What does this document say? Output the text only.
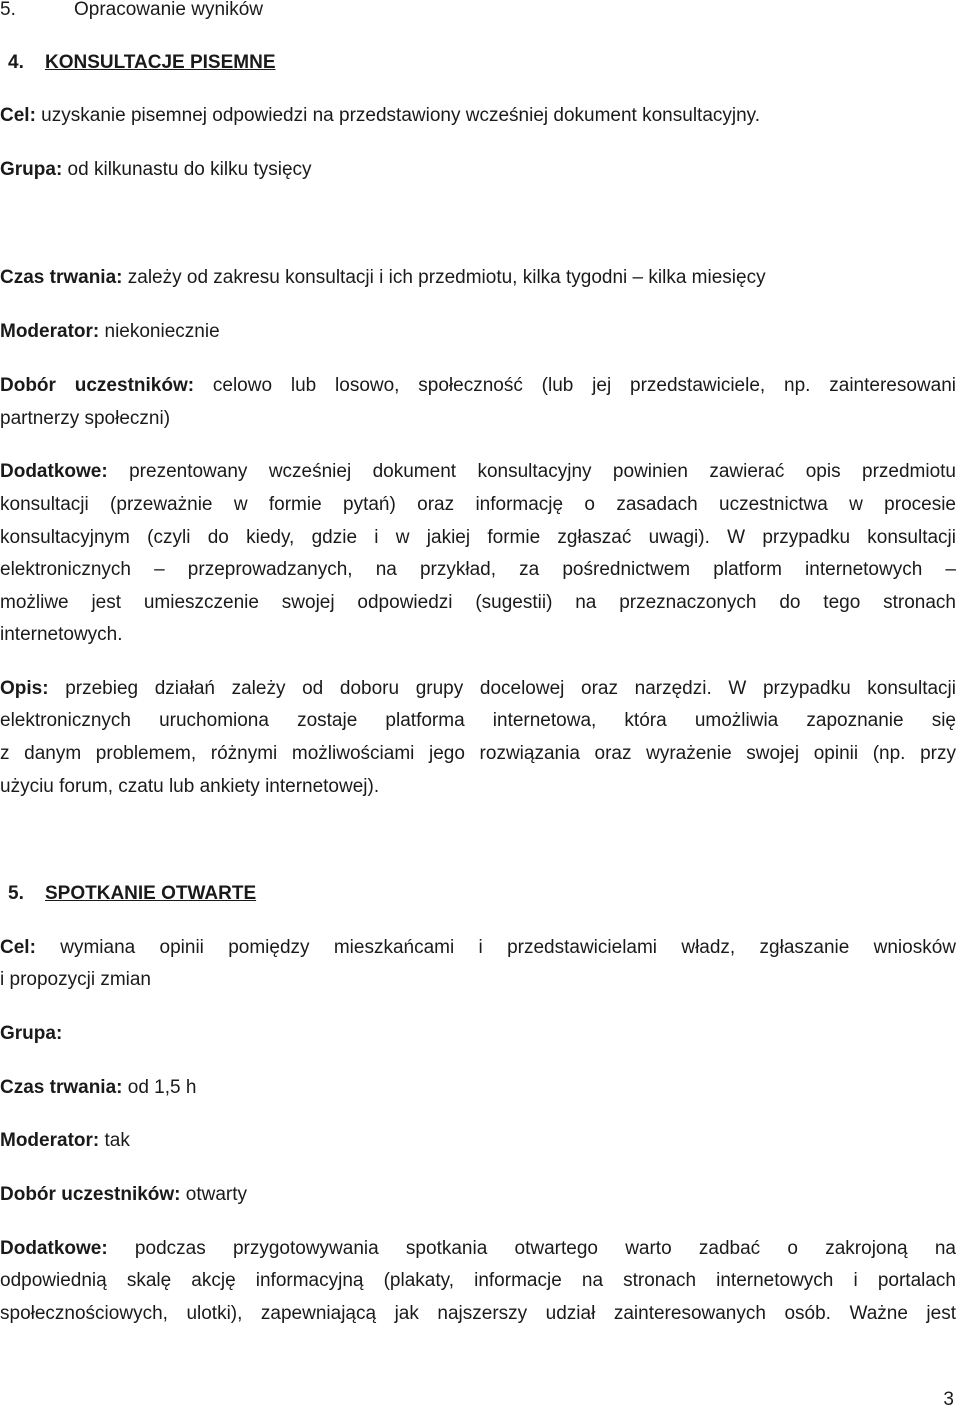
5.	Opracowanie wyników
4. KONSULTACJE PISEMNE
Cel: uzyskanie pisemnej odpowiedzi na przedstawiony wcześniej dokument konsultacyjny.
Grupa: od kilkunastu do kilku tysięcy
Czas trwania: zależy od zakresu konsultacji i ich przedmiotu, kilka tygodni – kilka miesięcy
Moderator: niekoniecznie
Dobór uczestników: celowo lub losowo, społeczność (lub jej przedstawiciele, np. zainteresowani
partnerzy społeczni)
Dodatkowe: prezentowany wcześniej dokument konsultacyjny powinien zawierać opis przedmiotu
konsultacji (przeważnie w formie pytań) oraz informację o zasadach uczestnictwa w procesie
konsultacyjnym (czyli do kiedy, gdzie i w jakiej formie zgłaszać uwagi). W przypadku konsultacji
elektronicznych – przeprowadzanych, na przykład, za pośrednictwem platform internetowych –
możliwe jest umieszczenie swojej odpowiedzi (sugestii) na przeznaczonych do tego stronach
internetowych.
Opis: przebieg działań zależy od doboru grupy docelowej oraz narzędzi. W przypadku konsultacji
elektronicznych uruchomiona zostaje platforma internetowa, która umożliwia zapoznanie się
z danym problemem, różnymi możliwościami jego rozwiązania oraz wyrażenie swojej opinii (np. przy
użyciu forum, czatu lub ankiety internetowej).
5. SPOTKANIE OTWARTE
Cel: wymiana opinii pomiędzy mieszkańcami i przedstawicielami władz, zgłaszanie wniosków
i propozycji zmian
Grupa:
Czas trwania: od 1,5 h
Moderator: tak
Dobór uczestników: otwarty
Dodatkowe: podczas przygotowywania spotkania otwartego warto zadbać o zakrojoną na
odpowiednią skalę akcję informacyjną (plakaty, informacje na stronach internetowych i portalach
społecznościowych, ulotki), zapewniającą jak najszerszy udział zainteresowanych osób. Ważne jest
3
